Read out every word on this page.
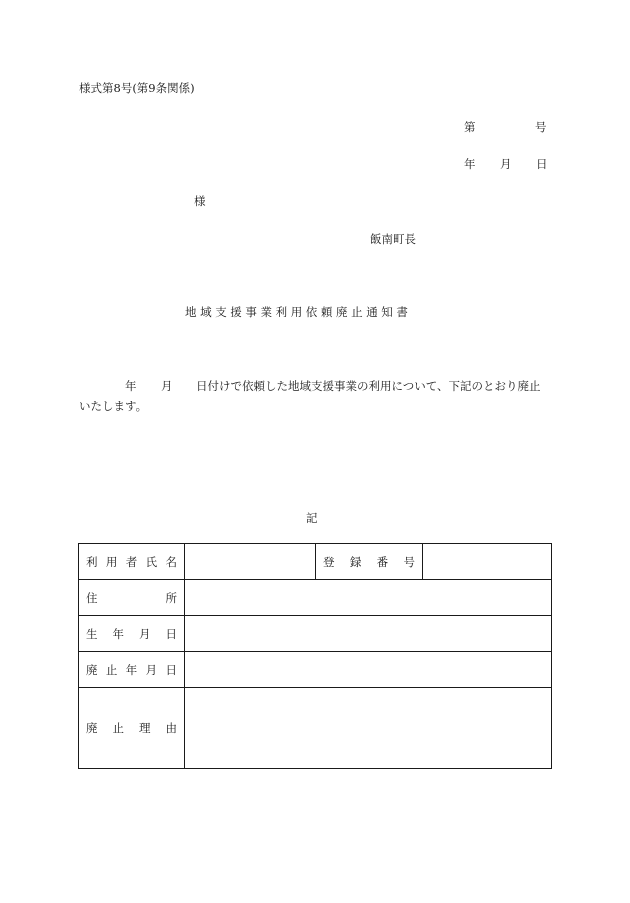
様式第8号(第9条関係)
第	号
年 月 日
様
飯南町長
地域支援事業利用依頼廃止通知書
年 月 日付けで依頼した地域支援事業の利用について、下記のとおり廃止
いたします。
記
利 用 者 氏 名		登 録 番 号	

住 所			

生 年 月 日			

廃 止 年 月 日			

廃 止 理 由			
